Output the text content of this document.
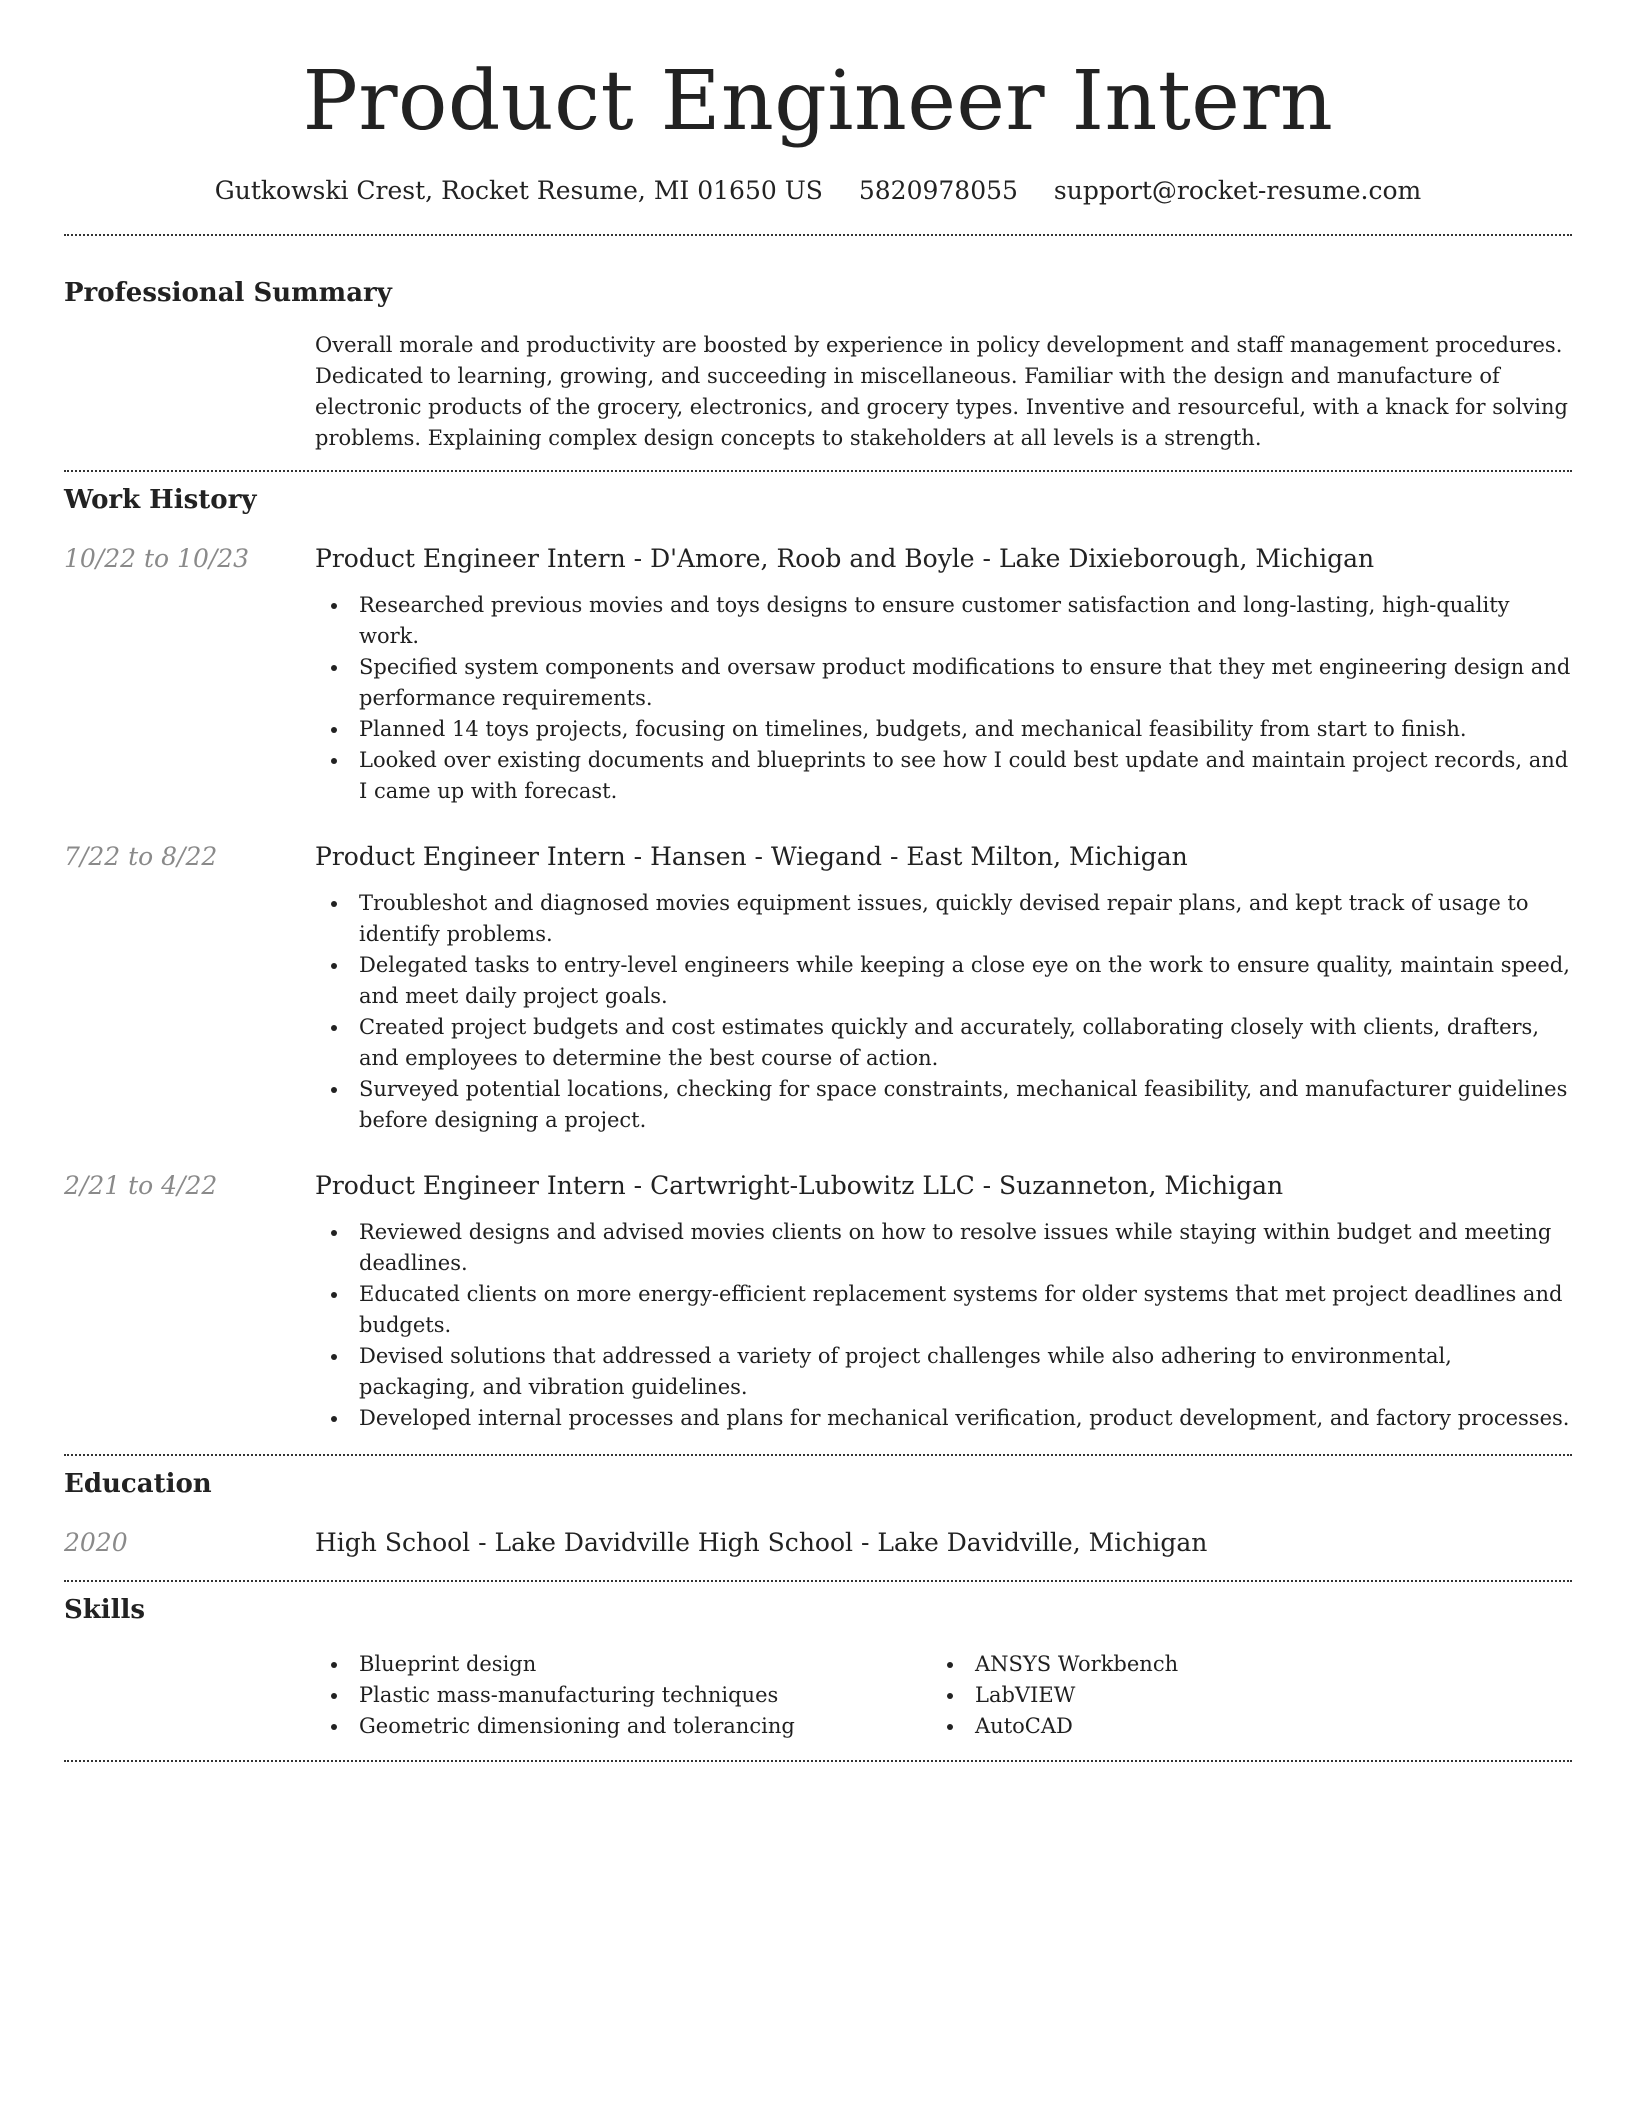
Product Engineer Intern
Gutkowski Crest, Rocket Resume, MI 01650 US 5820978055 support@rocket-resume.com
Professional Summary

Overall morale and productivity are boosted by experience in policy development and staff management procedures. Dedicated to learning, growing, and succeeding in miscellaneous. Familiar with the design and manufacture of electronic products of the grocery, electronics, and grocery types. Inventive and resourceful, with a knack for solving problems. Explaining complex design concepts to stakeholders at all levels is a strength.

Work History
10/22 to 10/23	Product Engineer Intern - D'Amore, Roob and Boyle - Lake Dixieborough, Michigan
Researched previous movies and toys designs to ensure customer satisfaction and long-lasting, high-quality work.
Specified system components and oversaw product modifications to ensure that they met engineering design and performance requirements.
Planned 14 toys projects, focusing on timelines, budgets, and mechanical feasibility from start to finish.
Looked over existing documents and blueprints to see how I could best update and maintain project records, and I came up with forecast.
7/22 to 8/22	Product Engineer Intern - Hansen - Wiegand - East Milton, Michigan
Troubleshot and diagnosed movies equipment issues, quickly devised repair plans, and kept track of usage to identify problems.
Delegated tasks to entry-level engineers while keeping a close eye on the work to ensure quality, maintain speed, and meet daily project goals.
Created project budgets and cost estimates quickly and accurately, collaborating closely with clients, drafters, and employees to determine the best course of action.
Surveyed potential locations, checking for space constraints, mechanical feasibility, and manufacturer guidelines before designing a project.
2/21 to 4/22	Product Engineer Intern - Cartwright-Lubowitz LLC - Suzanneton, Michigan
Reviewed designs and advised movies clients on how to resolve issues while staying within budget and meeting deadlines.
Educated clients on more energy-efficient replacement systems for older systems that met project deadlines and budgets.
Devised solutions that addressed a variety of project challenges while also adhering to environmental, packaging, and vibration guidelines.
Developed internal processes and plans for mechanical verification, product development, and factory processes.
Education
2020	High School - Lake Davidville High School - Lake Davidville, Michigan
Skills
Blueprint design
Plastic mass-manufacturing techniques
Geometric dimensioning and tolerancing
ANSYS Workbench
LabVIEW
AutoCAD
